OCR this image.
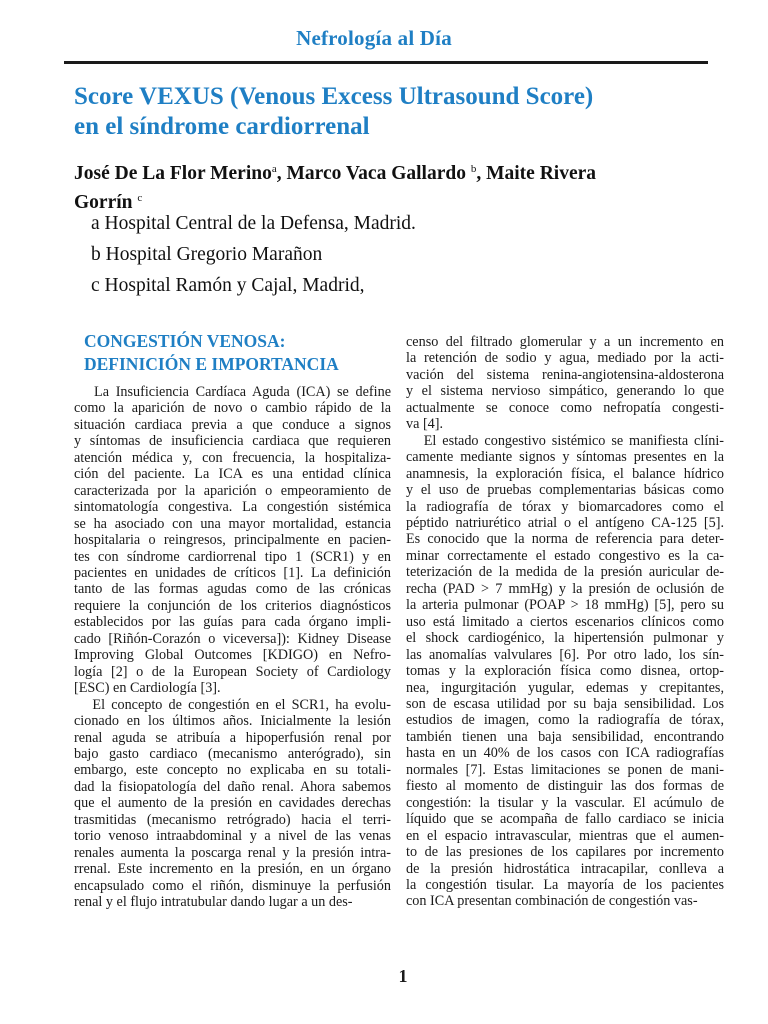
Nefrología al Día
Score VEXUS (Venous Excess Ultrasound Score)
en el síndrome cardiorrenal
José De La Flor Merino$^a$, Marco Vaca Gallardo $^b$, Maite Rivera
Gorrín $^c$
a Hospital Central de la Defensa, Madrid.
b Hospital Gregorio Marañon
c Hospital Ramón y Cajal, Madrid,
CONGESTIÓN VENOSA:
DEFINICIÓN E IMPORTANCIA
La Insuficiencia Cardíaca Aguda (ICA) se define
como la aparición de novo o cambio rápido de la
situación cardiaca previa a que conduce a signos
y síntomas de insuficiencia cardiaca que requieren
atención médica y, con frecuencia, la hospitaliza-
ción del paciente. La ICA es una entidad clínica
caracterizada por la aparición o empeoramiento de
sintomatología congestiva. La congestión sistémica
se ha asociado con una mayor mortalidad, estancia
hospitalaria o reingresos, principalmente en pacien-
tes con síndrome cardiorrenal tipo 1 (SCR1) y en
pacientes en unidades de críticos [1]. La definición
tanto de las formas agudas como de las crónicas
requiere la conjunción de los criterios diagnósticos
establecidos por las guías para cada órgano impli-
cado [Riñón-Corazón o viceversa]): Kidney Disease
Improving Global Outcomes [KDIGO) en Nefro-
logía [2] o de la European Society of Cardiology
[ESC) en Cardiología [3].
El concepto de congestión en el SCR1, ha evolu-
cionado en los últimos años. Inicialmente la lesión
renal aguda se atribuía a hipoperfusión renal por
bajo gasto cardiaco (mecanismo anterógrado), sin
embargo, este concepto no explicaba en su totali-
dad la fisiopatología del daño renal. Ahora sabemos
que el aumento de la presión en cavidades derechas
trasmitidas (mecanismo retrógrado) hacia el terri-
torio venoso intraabdominal y a nivel de las venas
renales aumenta la poscarga renal y la presión intra-
rrenal. Este incremento en la presión, en un órgano
encapsulado como el riñón, disminuye la perfusión
renal y el flujo intratubular dando lugar a un des-
censo del filtrado glomerular y a un incremento en
la retención de sodio y agua, mediado por la acti-
vación del sistema renina-angiotensina-aldosterona
y el sistema nervioso simpático, generando lo que
actualmente se conoce como nefropatía congesti-
va [4].
El estado congestivo sistémico se manifiesta clíni-
camente mediante signos y síntomas presentes en la
anamnesis, la exploración física, el balance hídrico
y el uso de pruebas complementarias básicas como
la radiografía de tórax y biomarcadores como el
péptido natriurético atrial o el antígeno CA-125 [5].
Es conocido que la norma de referencia para deter-
minar correctamente el estado congestivo es la ca-
teterización de la medida de la presión auricular de-
recha (PAD > 7 mmHg) y la presión de oclusión de
la arteria pulmonar (POAP > 18 mmHg) [5], pero su
uso está limitado a ciertos escenarios clínicos como
el shock cardiogénico, la hipertensión pulmonar y
las anomalías valvulares [6]. Por otro lado, los sín-
tomas y la exploración física como disnea, ortop-
nea, ingurgitación yugular, edemas y crepitantes,
son de escasa utilidad por su baja sensibilidad. Los
estudios de imagen, como la radiografía de tórax,
también tienen una baja sensibilidad, encontrando
hasta en un 40% de los casos con ICA radiografías
normales [7]. Estas limitaciones se ponen de mani-
fiesto al momento de distinguir las dos formas de
congestión: la tisular y la vascular. El acúmulo de
líquido que se acompaña de fallo cardiaco se inicia
en el espacio intravascular, mientras que el aumen-
to de las presiones de los capilares por incremento
de la presión hidrostática intracapilar, conlleva a
la congestión tisular. La mayoría de los pacientes
con ICA presentan combinación de congestión vas-
1
